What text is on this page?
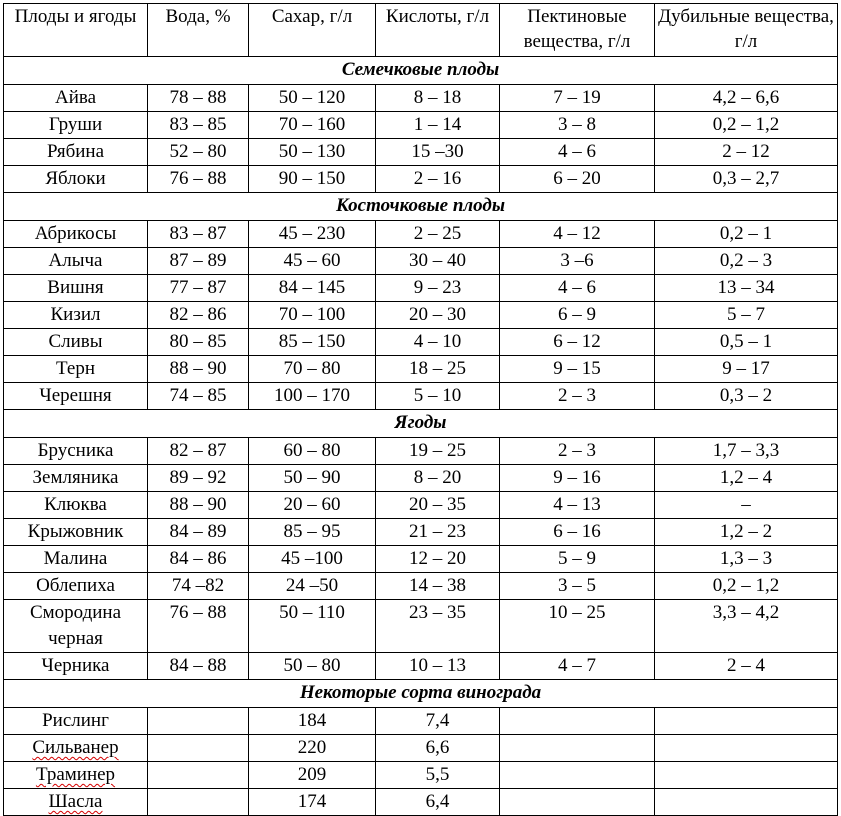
Плоды и ягоды	Вода, %	Сахар, г/л	Кислоты, г/л	Пектиновые вещества, г/л	Дубильные вещества, г/л
Семечковые плоды					
Айва	78 – 88	50 – 120	8 – 18	7 – 19	4,2 – 6,6
Груши	83 – 85	70 – 160	1 – 14	3 – 8	0,2 – 1,2
Рябина	52 – 80	50 – 130	15 –30	4 – 6	2 – 12
Яблоки	76 – 88	90 – 150	2 – 16	6 – 20	0,3 – 2,7
Косточковые плоды					
Абрикосы	83 – 87	45 – 230	2 – 25	4 – 12	0,2 – 1
Алыча	87 – 89	45 – 60	30 – 40	3 –6	0,2 – 3
Вишня	77 – 87	84 – 145	9 – 23	4 – 6	13 – 34
Кизил	82 – 86	70 – 100	20 – 30	6 – 9	5 – 7
Сливы	80 – 85	85 – 150	4 – 10	6 – 12	0,5 – 1
Терн	88 – 90	70 – 80	18 – 25	9 – 15	9 – 17
Черешня	74 – 85	100 – 170	5 – 10	2 – 3	0,3 – 2
Ягоды					
Брусника	82 – 87	60 – 80	19 – 25	2 – 3	1,7 – 3,3
Земляника	89 – 92	50 – 90	8 – 20	9 – 16	1,2 – 4
Клюква	88 – 90	20 – 60	20 – 35	4 – 13	–
Крыжовник	84 – 89	85 – 95	21 – 23	6 – 16	1,2 – 2
Малина	84 – 86	45 –100	12 – 20	5 – 9	1,3 – 3
Облепиха	74 –82	24 –50	14 – 38	3 – 5	0,2 – 1,2
Смородина черная	76 – 88	50 – 110	23 – 35	10 – 25	3,3 – 4,2
Черника	84 – 88	50 – 80	10 – 13	4 – 7	2 – 4
Некоторые сорта винограда					
Рислинг		184	7,4		
Сильванер		220	6,6		
Траминер		209	5,5		
Шасла		174	6,4		
